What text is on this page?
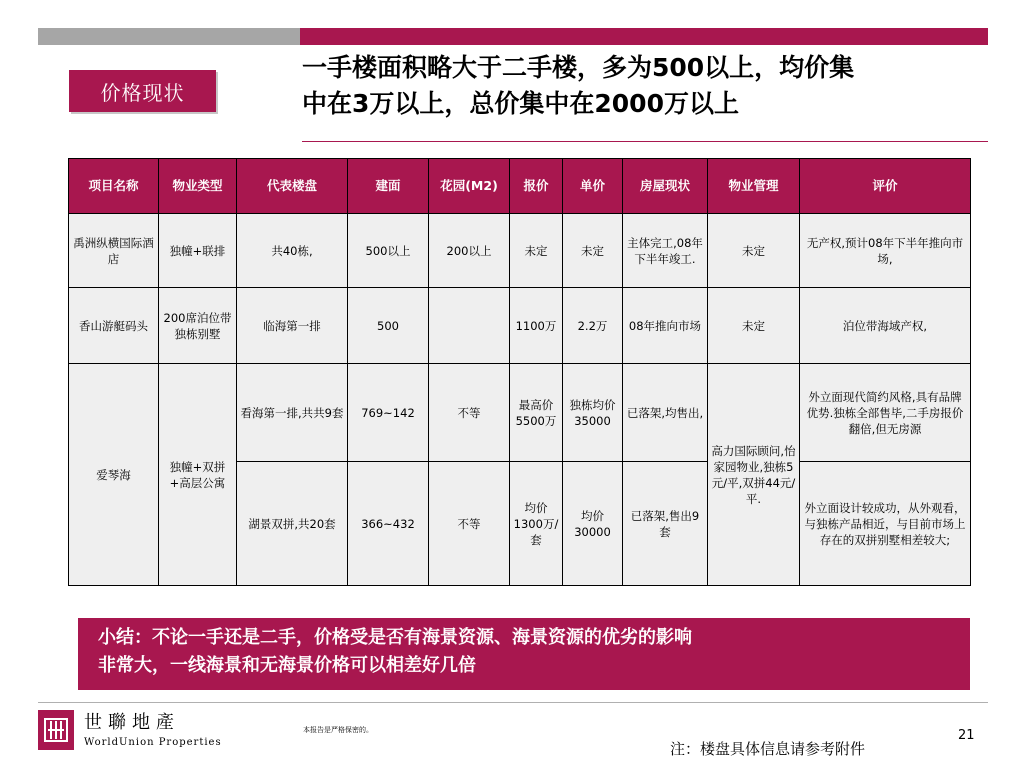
价格现状
一手楼面积略大于二手楼，多为500以上，均价集
中在3万以上，总价集中在2000万以上
项目名称	物业类型	代表楼盘	建面	花园(M2)	报价	单价	房屋现状	物业管理	评价
禹洲纵横国际酒店	独幢+联排	共40栋,	500以上	200以上	未定	未定	主体完工,08年下半年竣工.	未定	无产权,预计08年下半年推向市场,
香山游艇码头	200席泊位带独栋别墅	临海第一排	500		1100万	2.2万	08年推向市场	未定	泊位带海域产权,
爱琴海	独幢+双拼+高层公寓	看海第一排,共共9套	769~142	不等	最高价5500万	独栋均价35000	已落架,均售出,	高力国际顾问,怡家园物业,独栋5元/平,双拼44元/平.	外立面现代简约风格,具有品牌优势.独栋全部售毕,二手房报价翻倍,但无房源
		湖景双拼,共20套	366~432	不等	均价1300万/套	均价30000	已落架,售出9套		外立面设计较成功，从外观看，与独栋产品相近，与目前市场上存在的双拼别墅相差较大;
小结：不论一手还是二手，价格受是否有海景资源、海景资源的优劣的影响
非常大，一线海景和无海景价格可以相差好几倍
世聯地產
WorldUnion Properties
本报告是严格保密的。	21
注：楼盘具体信息请参考附件
